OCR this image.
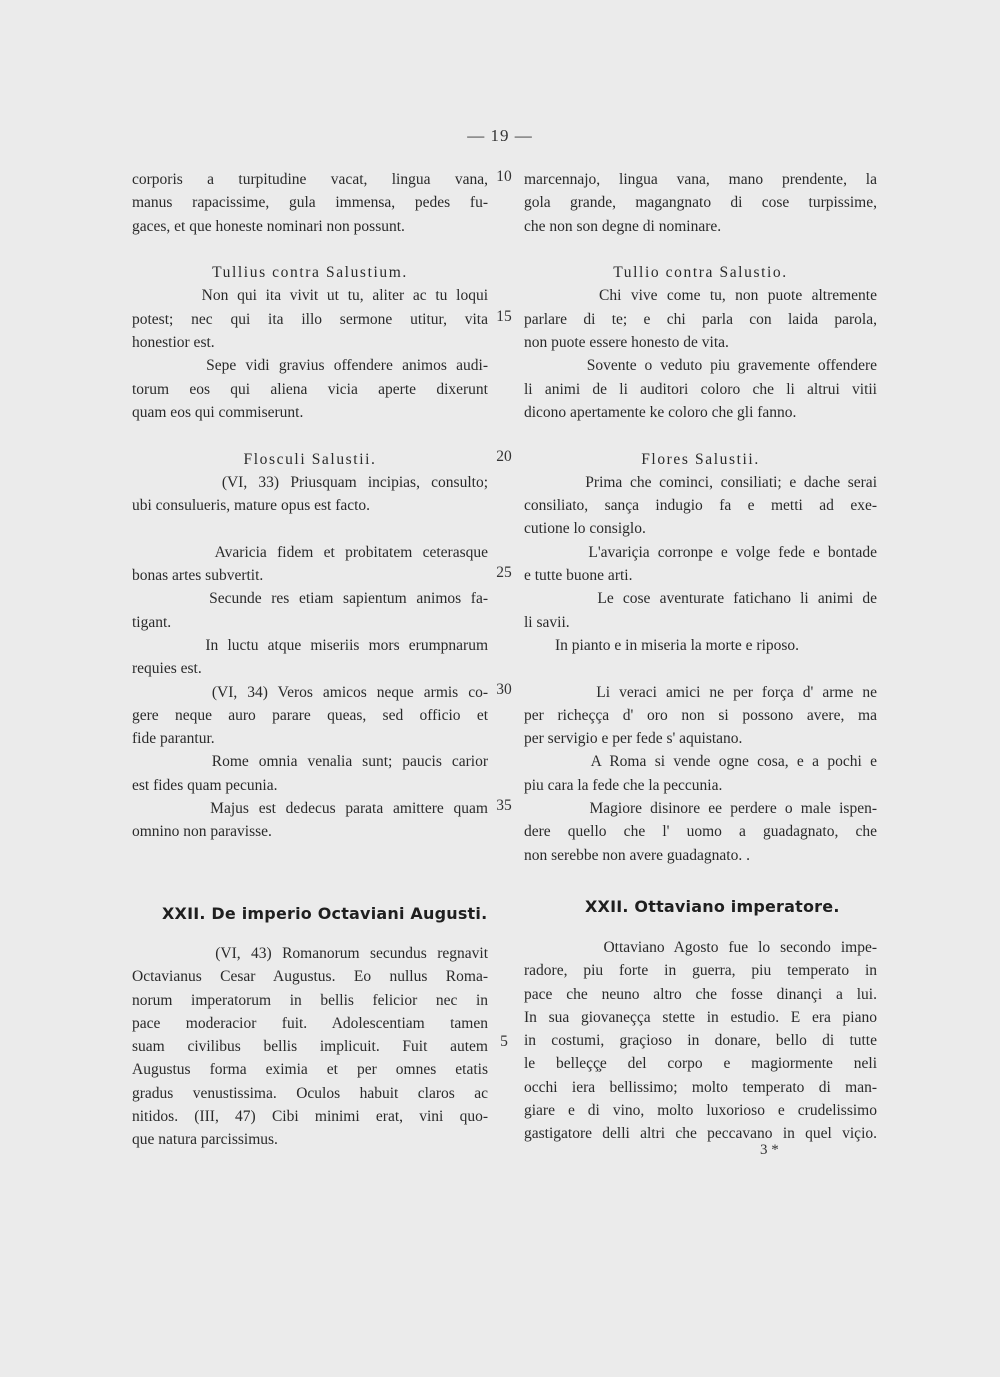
— 19 —
corporis a turpitudine vacat, lingua vana,
manus rapacissime, gula immensa, pedes fu-
gaces, et que honeste nominari non possunt.
Tullius contra Salustium.
Non qui ita vivit ut tu, aliter ac tu loqui
potest; nec qui ita illo sermone utitur, vita
honestior est.
Sepe vidi gravius offendere animos audi-
torum eos qui aliena vicia aperte dixerunt
quam eos qui commiserunt.
Flosculi Salustii.
(VI, 33) Priusquam incipias, consulto;
ubi consulueris, mature opus est facto.
Avaricia fidem et probitatem ceterasque
bonas artes subvertit.
Secunde res etiam sapientum animos fa-
tigant.
In luctu atque miseriis mors erumpnarum
requies est.
(VI, 34) Veros amicos neque armis co-
gere neque auro parare queas, sed officio et
fide parantur.
Rome omnia venalia sunt; paucis carior
est fides quam pecunia.
Majus est dedecus parata amittere quam
omnino non paravisse.
marcennajo, lingua vana, mano prendente, la
gola grande, magangnato di cose turpissime,
che non son degne di nominare.
Tullio contra Salustio.
Chi vive come tu, non puote altremente
parlare di te; e chi parla con laida parola,
non puote essere honesto de vita.
Sovente o veduto piu gravemente offendere
li animi de li auditori coloro che li altrui vitii
dicono apertamente ke coloro che gli fanno.
Flores Salustii.
Prima che cominci, consiliati; e dache serai
consiliato, sança indugio fa e metti ad exe-
cutione lo consiglo.
L'avariçia corronpe e volge fede e bontade
e tutte buone arti.
Le cose aventurate fatichano li animi de
li savii.
In pianto e in miseria la morte e riposo.
Li veraci amici ne per força d' arme ne
per richeçça d' oro non si possono avere, ma
per servigio e per fede s' aquistano.
A Roma si vende ogne cosa, e a pochi e
piu cara la fede che la peccunia.
Magiore disinore ee perdere o male ispen-
dere quello che l' uomo a guadagnato, che
non serebbe non avere guadagnato. .
10
15
20
25
30
35
XXII. De imperio Octaviani Augusti.	XXII. Ottaviano imperatore.
(VI, 43) Romanorum secundus regnavit
Octavianus Cesar Augustus. Eo nullus Roma-
norum imperatorum in bellis felicior nec in
pace moderacior fuit. Adolescentiam tamen
suam civilibus bellis implicuit. Fuit autem
Augustus forma eximia et per omnes etatis
gradus venustissima. Oculos habuit claros ac
nitidos. (III, 47) Cibi minimi erat, vini quo-
que natura parcissimus.
Ottaviano Agosto fue lo secondo impe-
radore, piu forte in guerra, piu temperato in
pace che neuno altro che fosse dinançi a lui.
In sua giovaneçça stette in estudio. E era piano
in costumi, graçioso in donare, bello di tutte
le belleçç̧e del corpo e magiormente neli
occhi iera bellissimo; molto temperato di man-
giare e di vino, molto luxorioso e crudelissimo
gastigatore delli altri che peccavano in quel viçio.
5
3 *
